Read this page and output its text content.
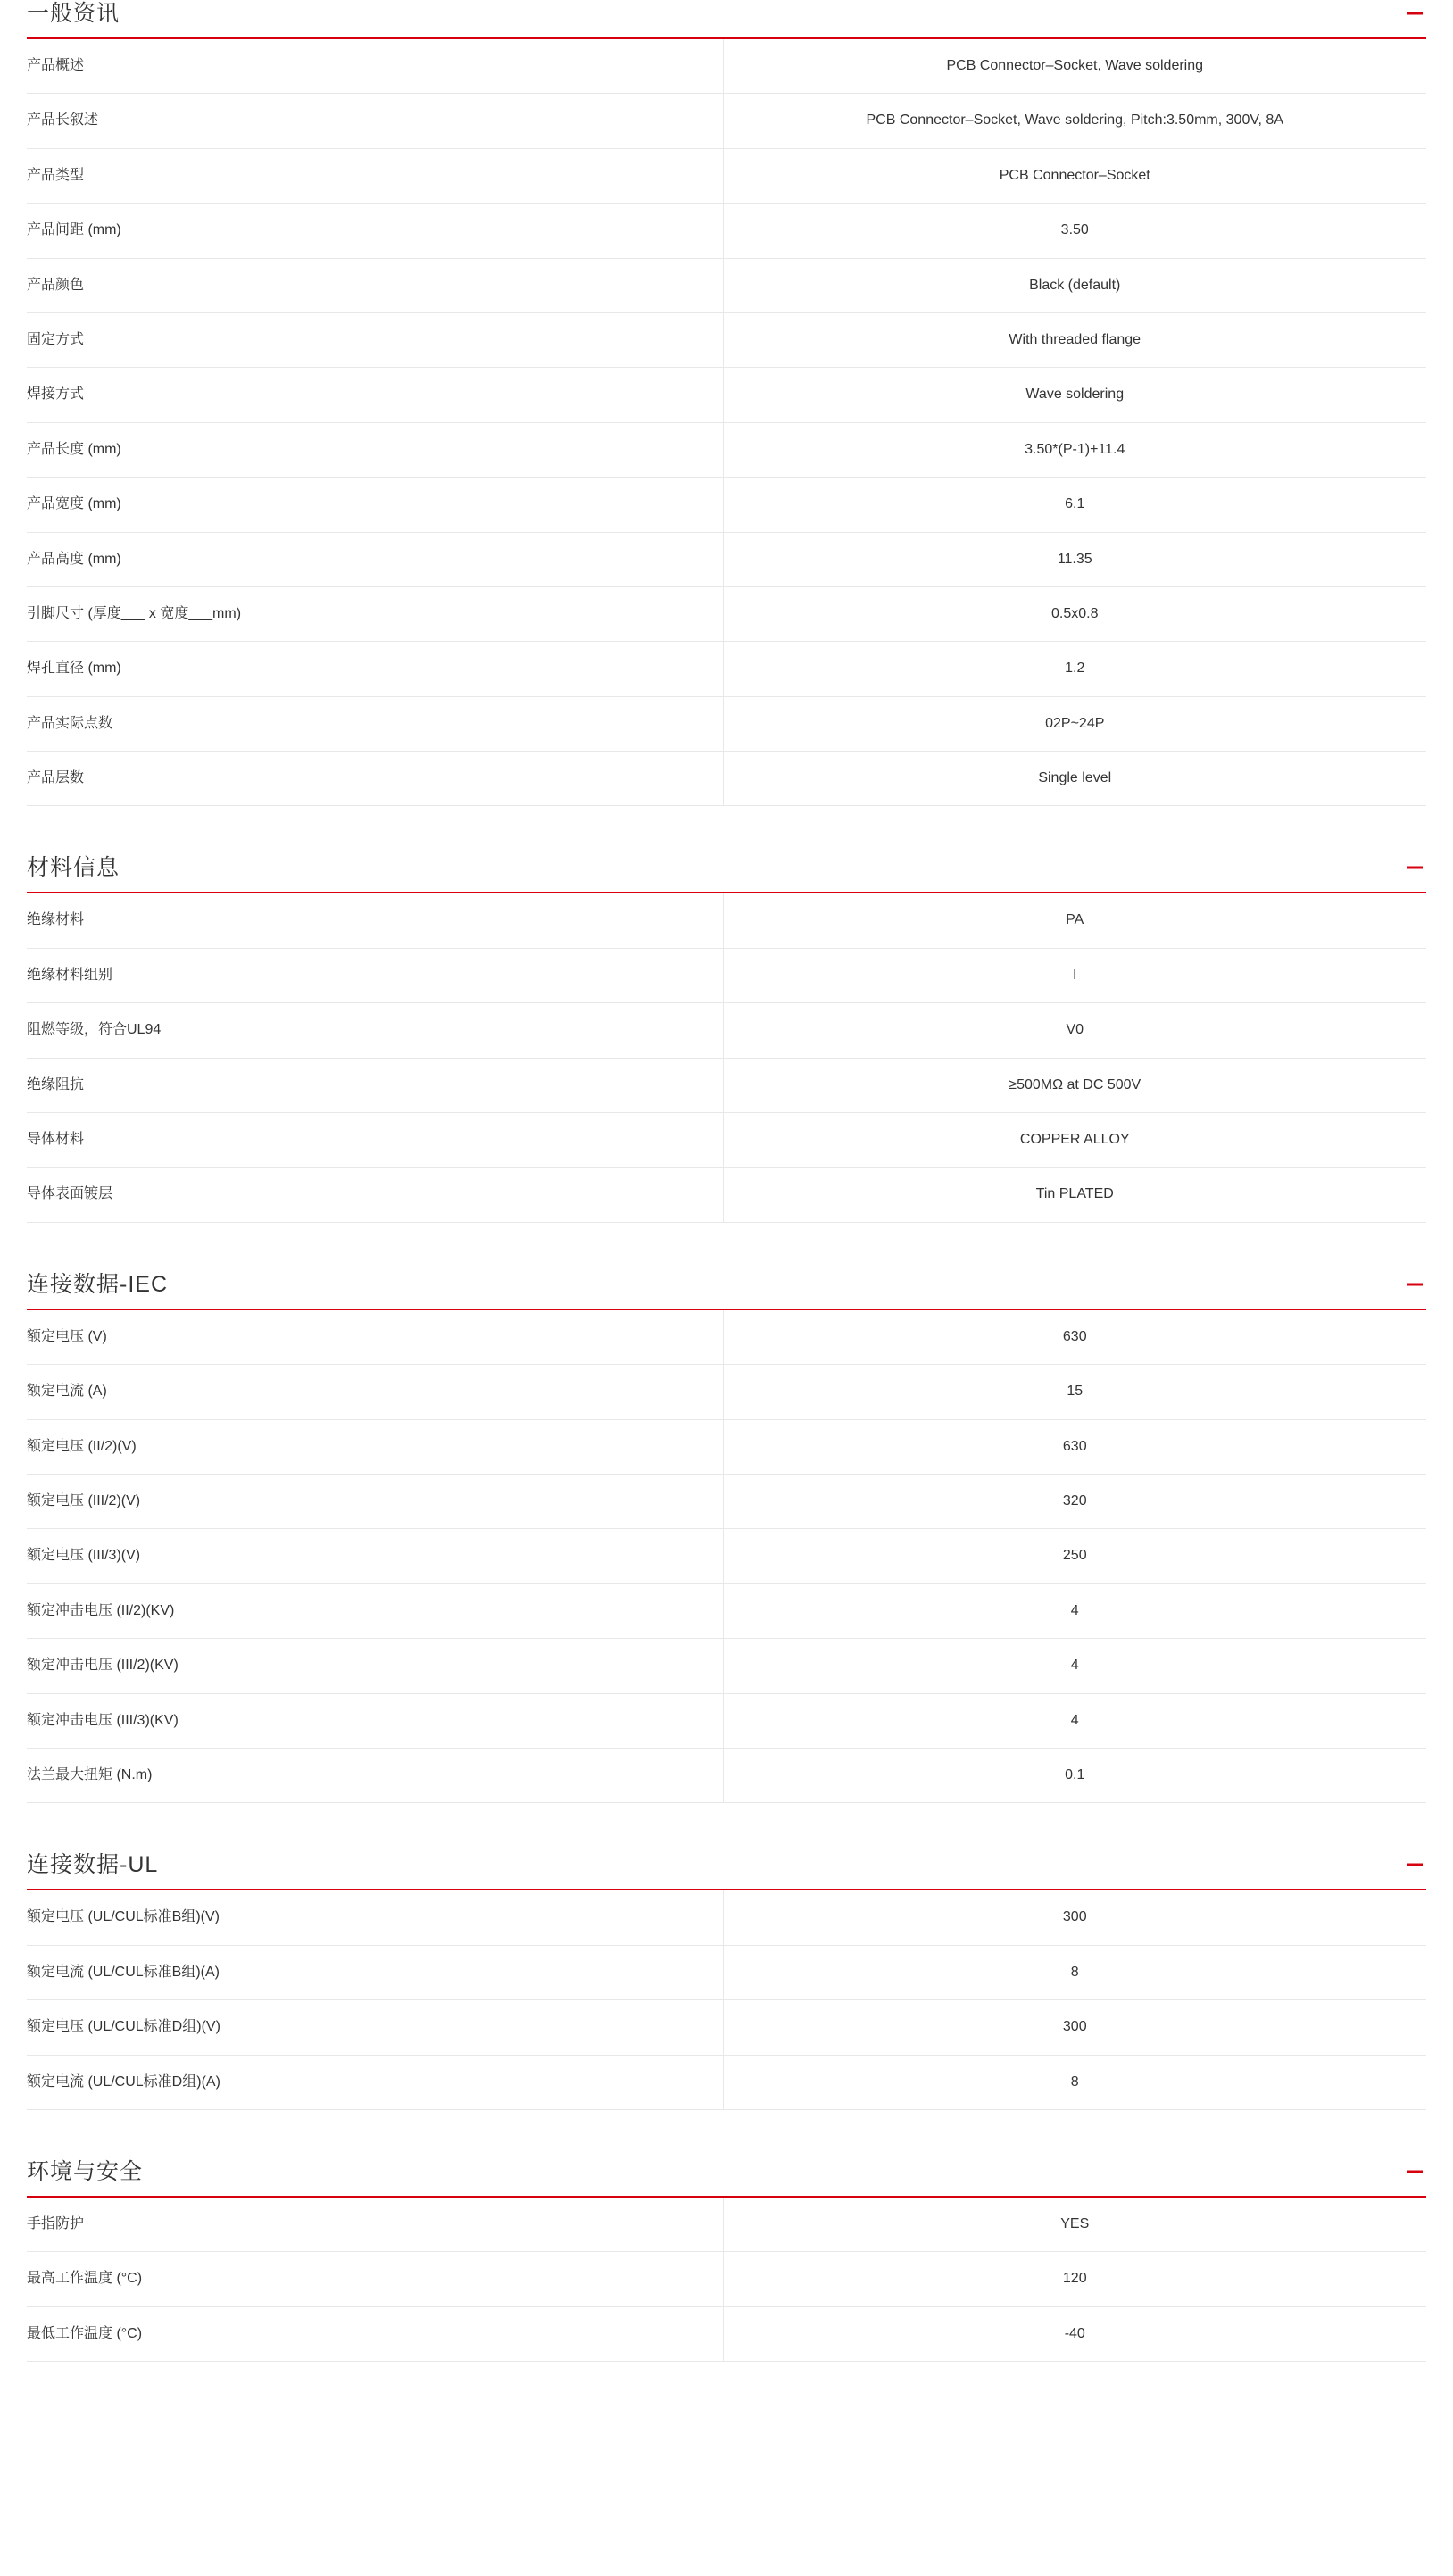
一般资讯
产品概述	PCB Connector–Socket, Wave soldering
产品长叙述	PCB Connector–Socket, Wave soldering, Pitch:3.50mm, 300V, 8A
产品类型	PCB Connector–Socket
产品间距 (mm)	3.50
产品颜色	Black (default)
固定方式	With threaded flange
焊接方式	Wave soldering
产品长度 (mm)	3.50*(P-1)+11.4
产品宽度 (mm)	6.1
产品高度 (mm)	11.35
引脚尺寸 (厚度___ x 宽度___mm)	0.5x0.8
焊孔直径 (mm)	1.2
产品实际点数	02P~24P
产品层数	Single level
材料信息
绝缘材料	PA
绝缘材料组别	I
阻燃等级，符合UL94	V0
绝缘阻抗	≥500MΩ at DC 500V
导体材料	COPPER ALLOY
导体表面镀层	Tin PLATED
连接数据-IEC
额定电压 (V)	630
额定电流 (A)	15
额定电压 (II/2)(V)	630
额定电压 (III/2)(V)	320
额定电压 (III/3)(V)	250
额定冲击电压 (II/2)(KV)	4
额定冲击电压 (III/2)(KV)	4
额定冲击电压 (III/3)(KV)	4
法兰最大扭矩 (N.m)	0.1
连接数据-UL
额定电压 (UL/CUL标准B组)(V)	300
额定电流 (UL/CUL标准B组)(A)	8
额定电压 (UL/CUL标准D组)(V)	300
额定电流 (UL/CUL标准D组)(A)	8
环境与安全
手指防护	YES
最高工作温度 (°C)	120
最低工作温度 (°C)	-40
